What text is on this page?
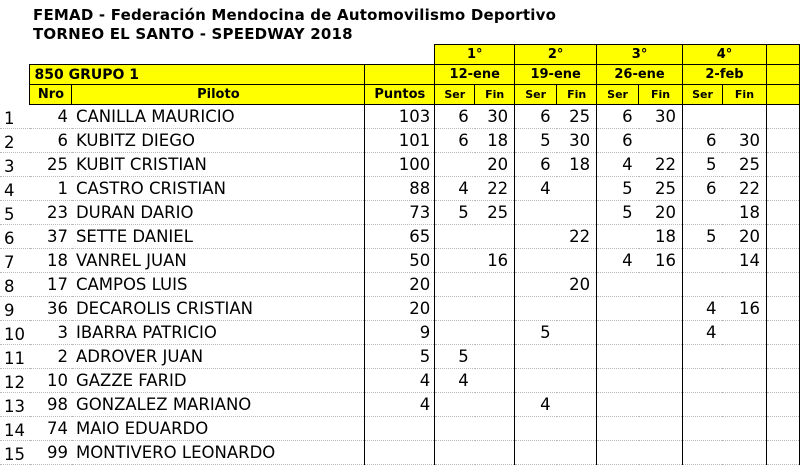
FEMAD - Federación Mendocina de Automovilismo Deportivo
TORNEO EL SANTO - SPEEDWAY 2018
				1°		2°		3°		4°		
	850 GRUPO 1			12-ene		19-ene		26-ene		2-feb		
	Nro	Piloto	Puntos	Ser	Fin	Ser	Fin	Ser	Fin	Ser	Fin	
1	4	CANILLA MAURICIO	103	6	30	6	25	6	30			
2	6	KUBITZ DIEGO	101	6	18	5	30	6		6	30	
3	25	KUBIT CRISTIAN	100		20	6	18	4	22	5	25	
4	1	CASTRO CRISTIAN	88	4	22	4		5	25	6	22	
5	23	DURAN DARIO	73	5	25			5	20		18	
6	37	SETTE DANIEL	65				22		18	5	20	
7	18	VANREL JUAN	50		16			4	16		14	
8	17	CAMPOS LUIS	20				20					
9	36	DECAROLIS CRISTIAN	20							4	16	
10	3	IBARRA PATRICIO	9			5				4		
11	2	ADROVER JUAN	5	5								
12	10	GAZZE FARID	4	4								
13	98	GONZALEZ MARIANO	4			4						
14	74	MAIO EDUARDO										
15	99	MONTIVERO LEONARDO										
